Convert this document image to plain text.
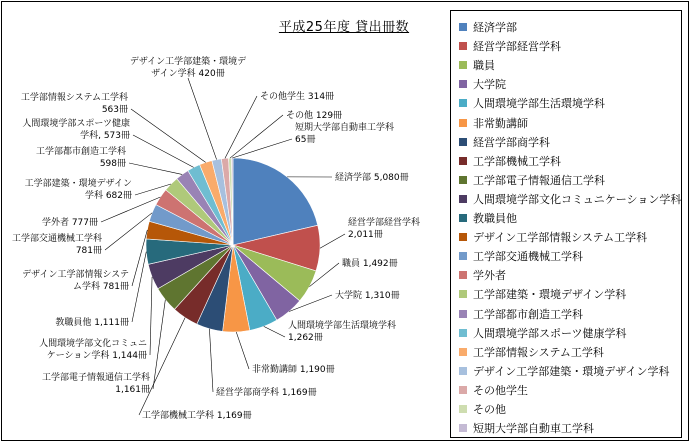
平成25年度 貸出冊数
経済学部 5,080冊
経営学部経営学科 2,011冊
職員 1,492冊
大学院 1,310冊
人間環境学部生活環境学科 1,262冊
非常勤講師 1,190冊
経営学部商学科 1,169冊
工学部機械工学科 1,169冊
工学部電子情報通信工学科 1,161冊
人間環境学部文化コミュニケーション学科 1,144冊
教職員他 1,111冊
デザイン工学部情報システム学科 781冊
工学部交通機械工学科 781冊
学外者 777冊
工学部建築・環境デザイン学科 682冊
工学部都市創造工学科 598冊
人間環境学部スポーツ健康学科, 573冊
工学部情報システム工学科 563冊
デザイン工学部建築・環境デザイン学科 420冊
その他学生 314冊
その他 129冊
短期大学部自動車工学科 65冊
経済学部
経営学部経営学科
職員
大学院
人間環境学部生活環境学科
非常勤講師
経営学部商学科
工学部機械工学科
工学部電子情報通信工学科
人間環境学部文化コミュニケーション学科
教職員他
デザイン工学部情報システム工学科
工学部交通機械工学科
学外者
工学部建築・環境デザイン学科
工学部都市創造工学科
人間環境学部スポーツ健康学科
工学部情報システム工学科
デザイン工学部建築・環境デザイン学科
その他学生
その他
短期大学部自動車工学科
